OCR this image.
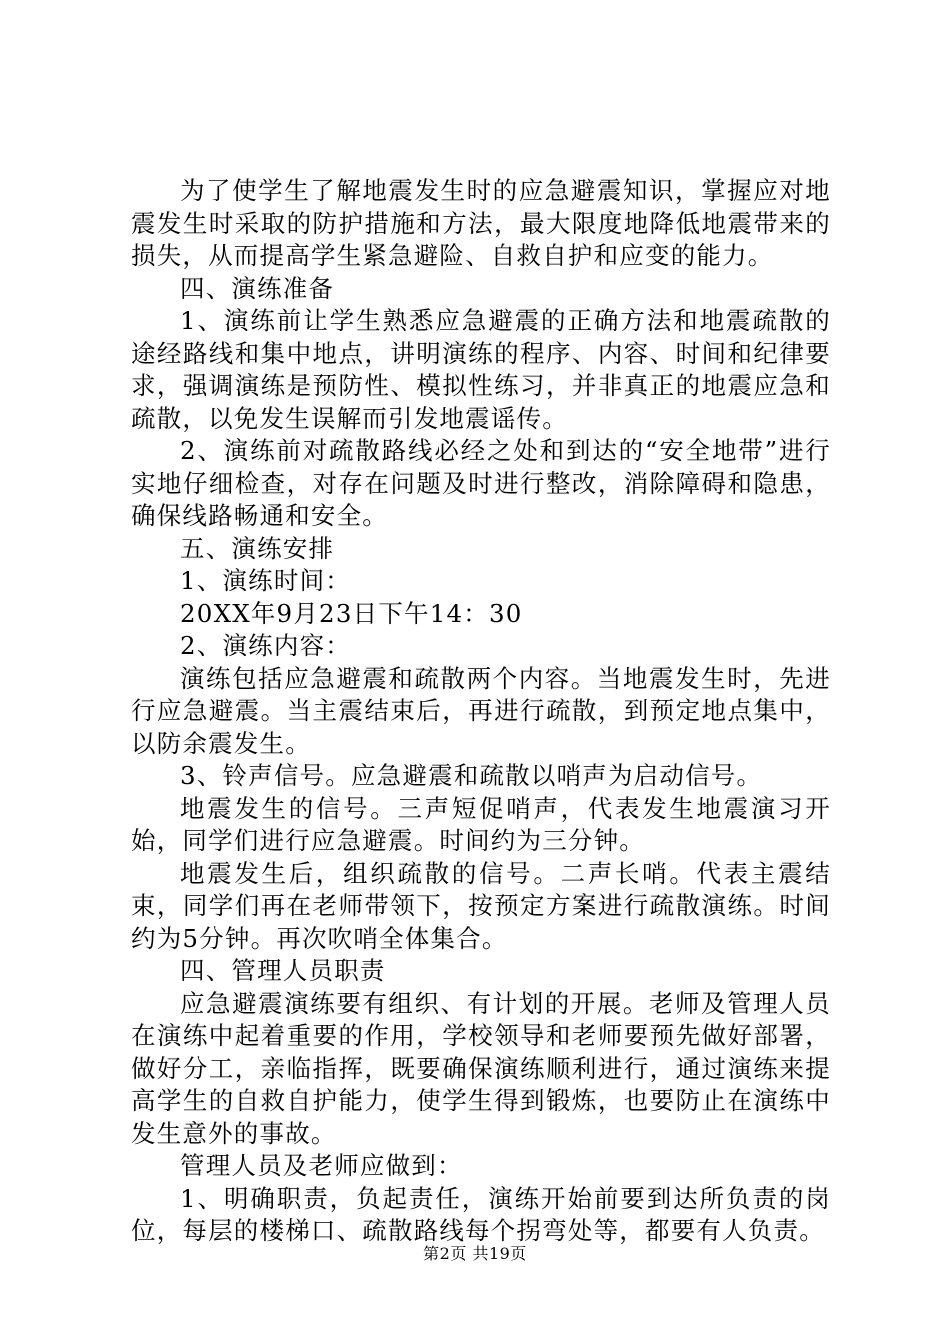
为了使学生了解地震发生时的应急避震知识，掌握应对地震发生时采取的防护措施和方法，最大限度地降低地震带来的损失，从而提高学生紧急避险、自救自护和应变的能力。

四、演练准备

1、演练前让学生熟悉应急避震的正确方法和地震疏散的途经路线和集中地点，讲明演练的程序、内容、时间和纪律要求，强调演练是预防性、模拟性练习，并非真正的地震应急和疏散，以免发生误解而引发地震谣传。

2、演练前对疏散路线必经之处和到达的“安全地带”进行实地仔细检查，对存在问题及时进行整改，消除障碍和隐患，确保线路畅通和安全。

五、演练安排

1、演练时间：

20XX年9月23日下午14：30

2、演练内容：

演练包括应急避震和疏散两个内容。当地震发生时，先进行应急避震。当主震结束后，再进行疏散，到预定地点集中，以防余震发生。

3、铃声信号。应急避震和疏散以哨声为启动信号。

地震发生的信号。三声短促哨声，代表发生地震演习开始，同学们进行应急避震。时间约为三分钟。

地震发生后，组织疏散的信号。二声长哨。代表主震结束，同学们再在老师带领下，按预定方案进行疏散演练。时间约为5分钟。再次吹哨全体集合。

四、管理人员职责

应急避震演练要有组织、有计划的开展。老师及管理人员在演练中起着重要的作用，学校领导和老师要预先做好部署，做好分工，亲临指挥，既要确保演练顺利进行，通过演练来提高学生的自救自护能力，使学生得到锻炼，也要防止在演练中发生意外的事故。

管理人员及老师应做到：

1、明确职责，负起责任，演练开始前要到达所负责的岗位，每层的楼梯口、疏散路线每个拐弯处等，都要有人负责。

第2页 共19页
